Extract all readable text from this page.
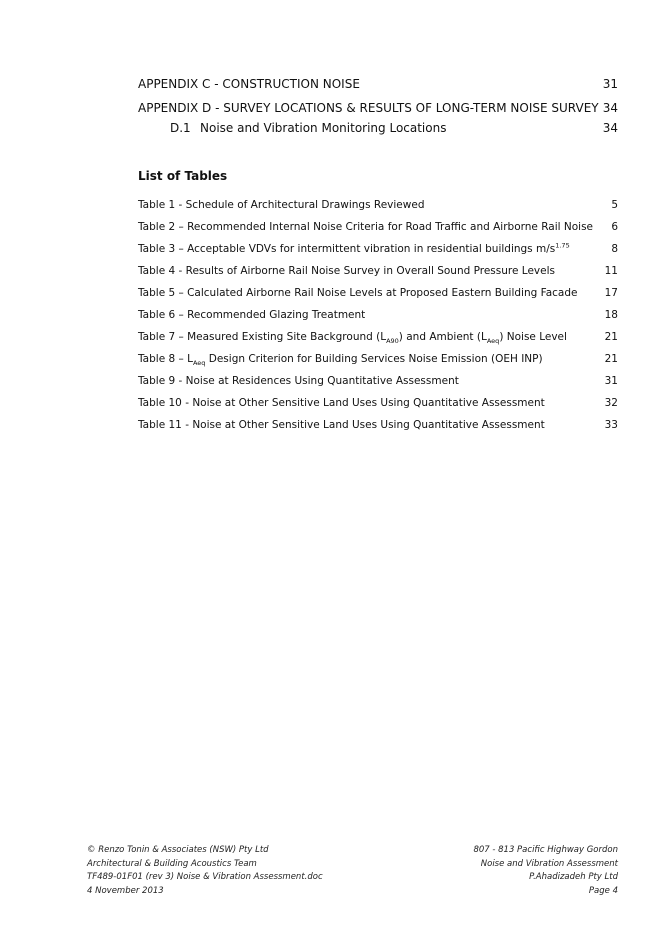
APPENDIX C - CONSTRUCTION NOISE	31
APPENDIX D - SURVEY LOCATIONS & RESULTS OF LONG-TERM NOISE SURVEY 34
D.1 Noise and Vibration Monitoring Locations	34
List of Tables
Table 1 - Schedule of Architectural Drawings Reviewed	5
Table 2 – Recommended Internal Noise Criteria for Road Traffic and Airborne Rail Noise 6
Table 3 – Acceptable VDVs for intermittent vibration in residential buildings $m/s^{1.75}$	8
Table 4 - Results of Airborne Rail Noise Survey in Overall Sound Pressure Levels	11
Table 5 – Calculated Airborne Rail Noise Levels at Proposed Eastern Building Facade	17
Table 6 – Recommended Glazing Treatment	18
Table 7 – Measured Existing Site Background $(L_{A90})$ and Ambient $(L_{Aeq})$ Noise Level	21
Table $8 - L_{Aeq}$ Design Criterion for Building Services Noise Emission (OEH INP)	21
Table 9 - Noise at Residences Using Quantitative Assessment	31
Table 10 - Noise at Other Sensitive Land Uses Using Quantitative Assessment	32
Table 11 - Noise at Other Sensitive Land Uses Using Quantitative Assessment	33
© Renzo Tonin & Associates (NSW) Pty Ltd
Architectural & Building Acoustics Team
TF489-01F01 (rev 3) Noise & Vibration Assessment.doc
4 November 2013
807 - 813 Pacific Highway Gordon
Noise and Vibration Assessment
P.Ahadizadeh Pty Ltd
Page 4
